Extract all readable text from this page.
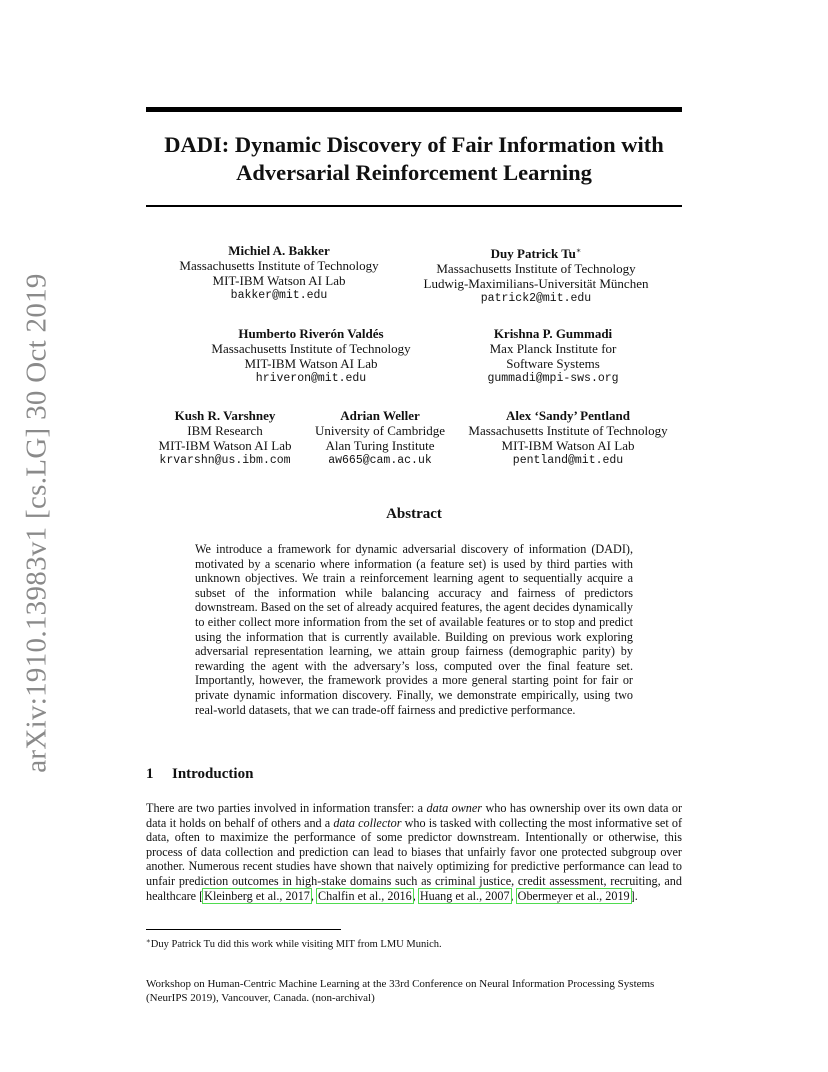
arXiv:1910.13983v1 [cs.LG] 30 Oct 2019
DADI: Dynamic Discovery of Fair Information with
Adversarial Reinforcement Learning
Michiel A. Bakker
Massachusetts Institute of Technology
MIT-IBM Watson AI Lab
bakker@mit.edu
Duy Patrick Tu∗
Massachusetts Institute of Technology
Ludwig-Maximilians-Universität München
patrick2@mit.edu
Humberto Riverón Valdés
Massachusetts Institute of Technology
MIT-IBM Watson AI Lab
hriveron@mit.edu
Krishna P. Gummadi
Max Planck Institute for
Software Systems
gummadi@mpi-sws.org
Kush R. Varshney
IBM Research
MIT-IBM Watson AI Lab
krvarshn@us.ibm.com
Adrian Weller
University of Cambridge
Alan Turing Institute
aw665@cam.ac.uk
Alex ‘Sandy’ Pentland
Massachusetts Institute of Technology
MIT-IBM Watson AI Lab
pentland@mit.edu
Abstract

We introduce a framework for dynamic adversarial discovery of information (DADI), motivated by a scenario where information (a feature set) is used by third parties with unknown objectives. We train a reinforcement learning agent to sequentially acquire a subset of the information while balancing accuracy and fairness of predictors downstream. Based on the set of already acquired features, the agent decides dynamically to either collect more information from the set of available features or to stop and predict using the information that is currently available. Building on previous work exploring adversarial representation learning, we attain group fairness (demographic parity) by rewarding the agent with the adversary’s loss, computed over the final feature set. Importantly, however, the framework provides a more general starting point for fair or private dynamic information discovery. Finally, we demonstrate empirically, using two real-world datasets, that we can trade-off fairness and predictive performance.

1 Introduction

There are two parties involved in information transfer: a data owner who has ownership over its own data or data it holds on behalf of others and a data collector who is tasked with collecting the most informative set of data, often to maximize the performance of some predictor downstream. Intentionally or otherwise, this process of data collection and prediction can lead to biases that unfairly favor one protected subgroup over another. Numerous recent studies have shown that naively optimizing for predictive performance can lead to unfair prediction outcomes in high-stake domains such as criminal justice, credit assessment, recruiting, and healthcare [Kleinberg et al., 2017, Chalfin et al., 2016, Huang et al., 2007, Obermeyer et al., 2019].

∗Duy Patrick Tu did this work while visiting MIT from LMU Munich.

Workshop on Human-Centric Machine Learning at the 33rd Conference on Neural Information Processing Systems (NeurIPS 2019), Vancouver, Canada. (non-archival)
